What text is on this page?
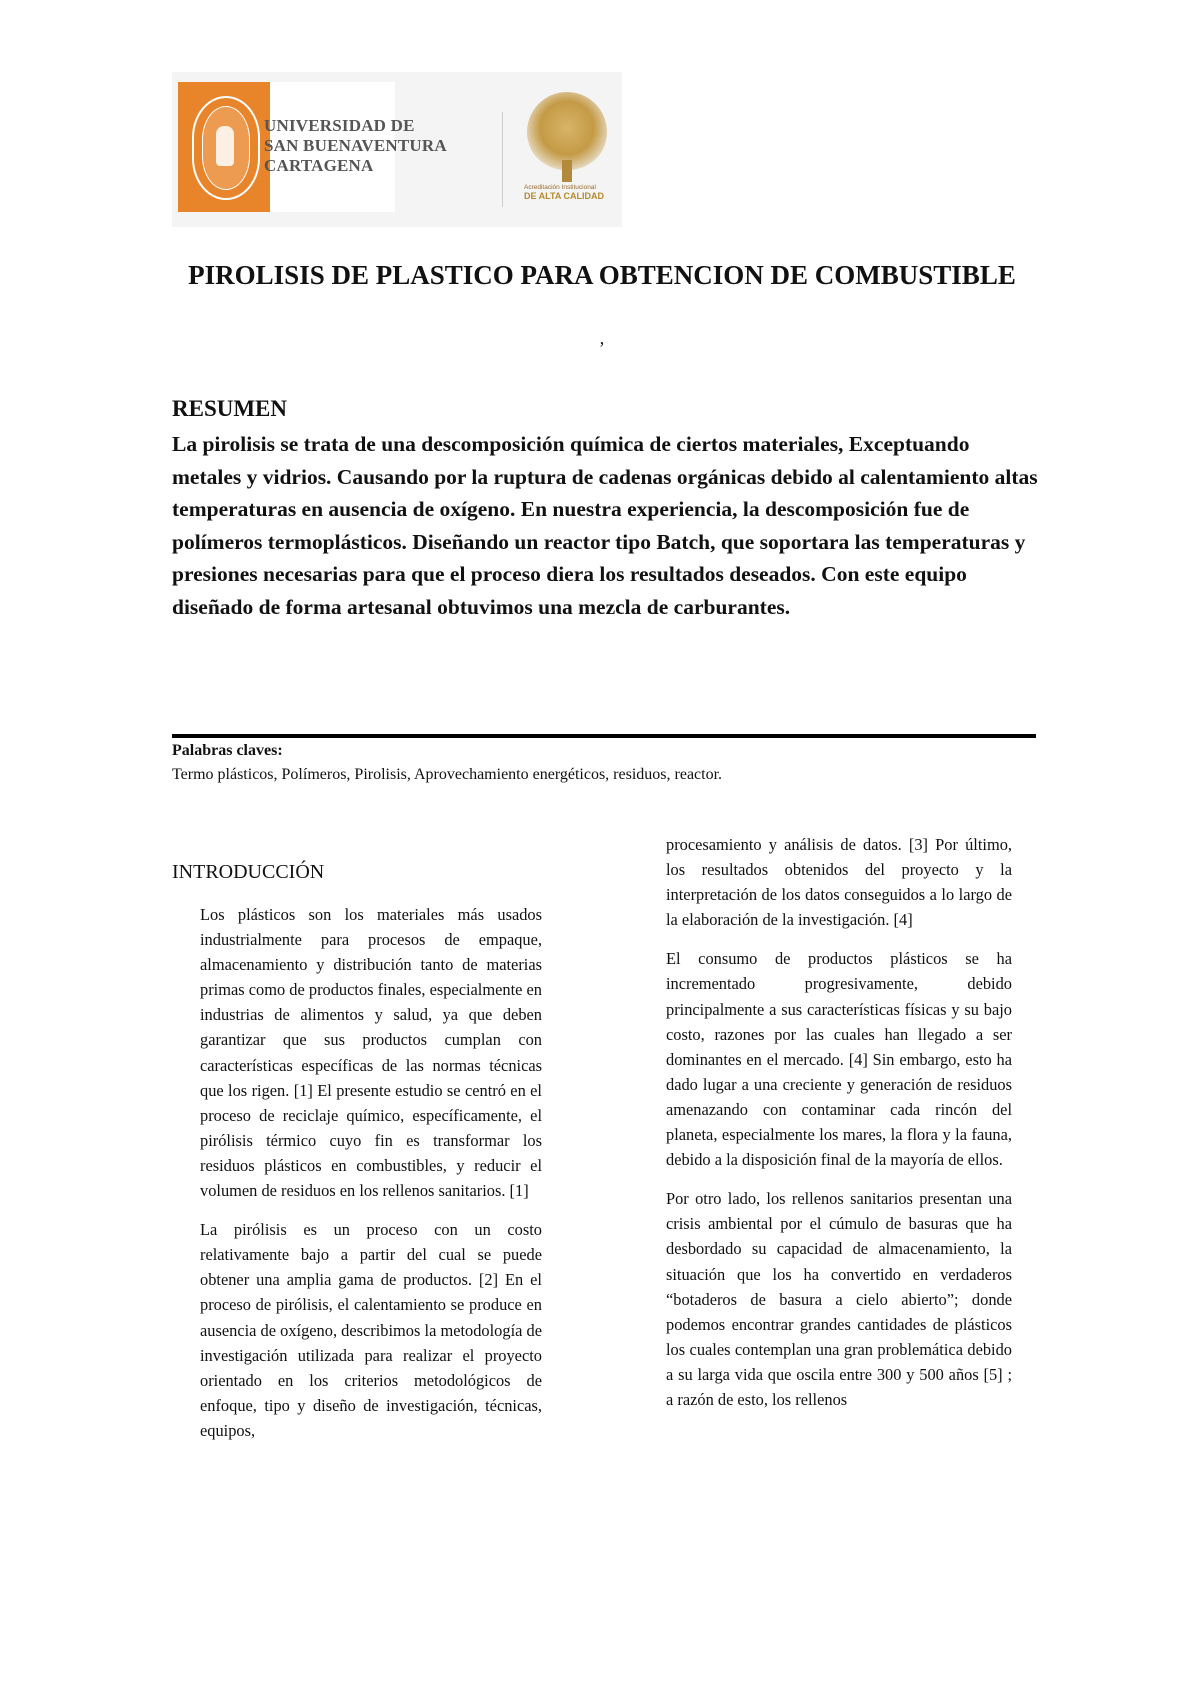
UNIVERSIDAD DE
SAN BUENAVENTURA
CARTAGENA
Acreditación Institucional
DE ALTA CALIDAD
PIROLISIS DE PLASTICO PARA OBTENCION DE COMBUSTIBLE
,
RESUMEN

La pirolisis se trata de una descomposición química de ciertos materiales, Exceptuando metales y vidrios. Causando por la ruptura de cadenas orgánicas debido al calentamiento altas temperaturas en ausencia de oxígeno. En nuestra experiencia, la descomposición fue de polímeros termoplásticos. Diseñando un reactor tipo Batch, que soportara las temperaturas y presiones necesarias para que el proceso diera los resultados deseados. Con este equipo diseñado de forma artesanal obtuvimos una mezcla de carburantes.

Palabras claves:
Termo plásticos, Polímeros, Pirolisis, Aprovechamiento energéticos, residuos, reactor.
INTRODUCCIÓN

Los plásticos son los materiales más usados industrialmente para procesos de empaque, almacenamiento y distribución tanto de materias primas como de productos finales, especialmente en industrias de alimentos y salud, ya que deben garantizar que sus productos cumplan con características específicas de las normas técnicas que los rigen. [1] El presente estudio se centró en el proceso de reciclaje químico, específicamente, el pirólisis térmico cuyo fin es transformar los residuos plásticos en combustibles, y reducir el volumen de residuos en los rellenos sanitarios. [1]

La pirólisis es un proceso con un costo relativamente bajo a partir del cual se puede obtener una amplia gama de productos. [2] En el proceso de pirólisis, el calentamiento se produce en ausencia de oxígeno, describimos la metodología de investigación utilizada para realizar el proyecto orientado en los criterios metodológicos de enfoque, tipo y diseño de investigación, técnicas, equipos,

procesamiento y análisis de datos. [3] Por último, los resultados obtenidos del proyecto y la interpretación de los datos conseguidos a lo largo de la elaboración de la investigación. [4]

El consumo de productos plásticos se ha incrementado progresivamente, debido principalmente a sus características físicas y su bajo costo, razones por las cuales han llegado a ser dominantes en el mercado. [4] Sin embargo, esto ha dado lugar a una creciente y generación de residuos amenazando con contaminar cada rincón del planeta, especialmente los mares, la flora y la fauna, debido a la disposición final de la mayoría de ellos.

Por otro lado, los rellenos sanitarios presentan una crisis ambiental por el cúmulo de basuras que ha desbordado su capacidad de almacenamiento, la situación que los ha convertido en verdaderos “botaderos de basura a cielo abierto”; donde podemos encontrar grandes cantidades de plásticos los cuales contemplan una gran problemática debido a su larga vida que oscila entre 300 y 500 años [5] ; a razón de esto, los rellenos
